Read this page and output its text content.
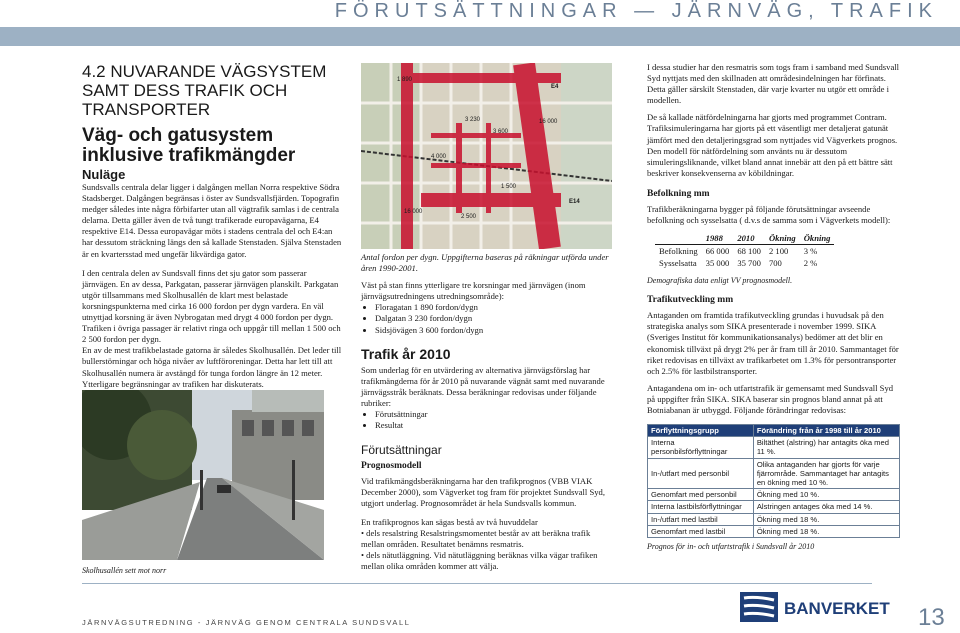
FÖRUTSÄTTNINGAR — JÄRNVÄG, TRAFIK
4.2 NUVARANDE VÄGSYSTEM SAMT DESS TRAFIK OCH TRANSPORTER
Väg- och gatusystem inklusive trafikmängder
Nuläge

Sundsvalls centrala delar ligger i dalgången mellan Norra respektive Södra Stadsberget. Dalgången begränsas i öster av Sundsvallsfjärden. Topografin medger således inte några förbifarter utan all vägtrafik samlas i de centrala delarna. Detta gäller även de två tungt trafikerade europavägarna, E4 respektive E14. Dessa europavägar möts i stadens centrala del och E4:an har dessutom sträckning längs den så kallade Stenstaden. Själva Stenstaden är en kvartersstad med ungefär likvärdiga gator.

I den centrala delen av Sundsvall finns det sju gator som passerar järnvägen. En av dessa, Parkgatan, passerar järnvägen planskilt. Parkgatan utgör tillsammans med Skolhusallén de klart mest belastade korsningspunkterna med cirka 16 000 fordon per dygn vardera. En väl utnyttjad korsning är även Nybrogatan med drygt 4 000 fordon per dygn. Trafiken i övriga passager är relativt ringa och uppgår till mellan 1 500 och 2 500 fordon per dygn.

En av de mest trafikbelastade gatorna är således Skolhusallén. Det leder till bullerstörningar och höga nivåer av luftföroreningar. Detta har lett till att Skolhusallén numera är avstängd för tunga fordon längre än 12 meter. Ytterligare begränsningar av trafiken har diskuterats.

Skolhusallén sett mot norr
1 890
3 230
3 600
4 000
16 000
16 000
2 500
1 500
E4
E14

Antal fordon per dygn. Uppgifterna baseras på räkningar utförda under åren 1990-2001.

Väst på stan finns ytterligare tre korsningar med järnvägen (inom järnvägsutredningens utredningsområde):

• Floragatan 1 890 fordon/dygn
• Dalgatan 3 230 fordon/dygn
• Sidsjövägen 3 600 fordon/dygn
Trafik år 2010

Som underlag för en utvärdering av alternativa järnvägsförslag har trafikmängderna för år 2010 på nuvarande vägnät samt med nuvarande järnvägsstråk beräknats. Dessa beräkningar redovisas under följande rubriker:

• Förutsättningar
• Resultat
Förutsättningar
Prognosmodell

Vid trafikmängdsberäkningarna har den trafikprognos (VBB VIAK December 2000), som Vägverket tog fram för projektet Sundsvall Syd, utgjort underlag. Prognosområdet är hela Sundsvalls kommun.

En trafikprognos kan sägas bestå av två huvuddelar

• dels resalstring Resalstringsmomentet består av att beräkna trafik mellan områden. Resultatet benämns resmatris.

• dels nätutläggning. Vid nätutläggning beräknas vilka vägar trafiken mellan olika områden kommer att välja.

I dessa studier har den resmatris som togs fram i samband med Sundsvall Syd nyttjats med den skillnaden att områdesindelningen har förfinats. Detta gäller särskilt Stenstaden, där varje kvarter nu utgör ett område i modellen.

De så kallade nätfördelningarna har gjorts med programmet Contram. Trafiksimuleringarna har gjorts på ett väsentligt mer detaljerat gatunät jämfört med den detaljeringsgrad som nyttjades vid Vägverkets prognos. Den modell för nätfördelning som använts nu är dessutom simuleringsliknande, vilket bland annat innebär att den på ett bättre sätt beskriver konsekvenserna av köbildningar.

Befolkning mm

Trafikberäkningarna bygger på följande förutsättningar avseende befolkning och sysselsatta ( d.v.s de samma som i Vägverkets modell):

	1988	2010	Ökning	Ökning
Befolkning	66 000	68 100	2 100	3 %
Sysselsatta	35 000	35 700	700	2 %

Demografiska data enligt VV prognosmodell.

Trafikutveckling mm

Antaganden om framtida trafikutveckling grundas i huvudsak på den strategiska analys som SIKA presenterade i november 1999. SIKA (Sveriges Institut för kommunikationsanalys) bedömer att det blir en ekonomisk tillväxt på drygt 2% per år fram till år 2010. Sammantaget för riket redovisas en tillväxt av trafikarbetet om 1.3% för persontransporter och 2.5% för lastbilstransporter.

Antagandena om in- och utfartstrafik är gemensamt med Sundsvall Syd på uppgifter från SIKA. SIKA baserar sin prognos bland annat på att Botniabanan är utbyggd. Följande förändringar redovisas:

Förflyttningsgrupp	Förändring från år 1998 till år 2010
Interna personbilsförflyttningar	Biltäthet (alstring) har antagits öka med 11 %.
In-/utfart med personbil	Olika antaganden har gjorts för varje fjärrområde. Sammantaget har antagits en ökning med 10 %.
Genomfart med personbil	Ökning med 10 %.
Interna lastbilsförflyttningar	Alstringen antages öka med 14 %.
In-/utfart med lastbil	Ökning med 18 %.
Genomfart med lastbil	Ökning med 18 %.

Prognos för in- och utfartstrafik i Sundsvall år 2010

JÄRNVÄGSUTREDNING - JÄRNVÄG GENOM CENTRALA SUNDSVALL
BANVERKET 13
